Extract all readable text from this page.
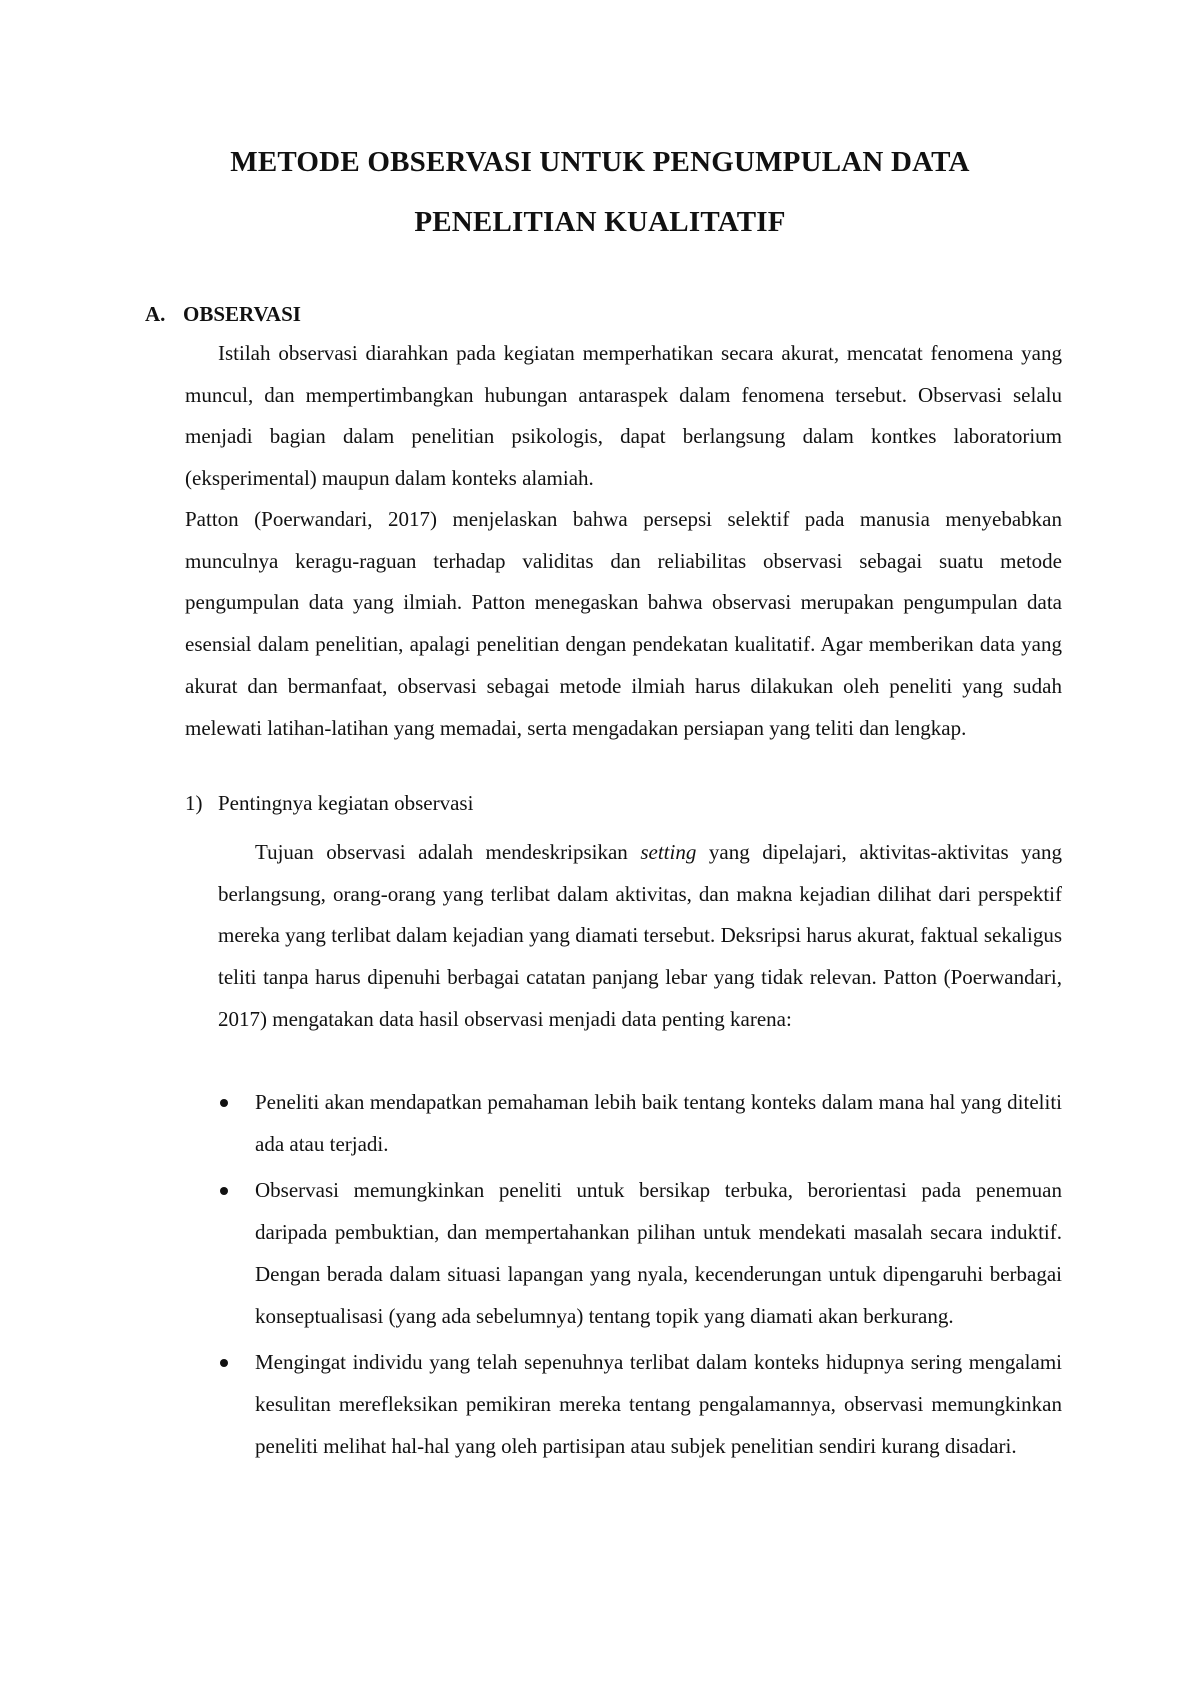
METODE OBSERVASI UNTUK PENGUMPULAN DATA
PENELITIAN KUALITATIF
A. OBSERVASI

Istilah observasi diarahkan pada kegiatan memperhatikan secara akurat, mencatat fenomena yang muncul, dan mempertimbangkan hubungan antaraspek dalam fenomena tersebut. Observasi selalu menjadi bagian dalam penelitian psikologis, dapat berlangsung dalam kontkes laboratorium (eksperimental) maupun dalam konteks alamiah.

Patton (Poerwandari, 2017) menjelaskan bahwa persepsi selektif pada manusia menyebabkan munculnya keragu-raguan terhadap validitas dan reliabilitas observasi sebagai suatu metode pengumpulan data yang ilmiah. Patton menegaskan bahwa observasi merupakan pengumpulan data esensial dalam penelitian, apalagi penelitian dengan pendekatan kualitatif. Agar memberikan data yang akurat dan bermanfaat, observasi sebagai metode ilmiah harus dilakukan oleh peneliti yang sudah melewati latihan-latihan yang memadai, serta mengadakan persiapan yang teliti dan lengkap.

1) Pentingnya kegiatan observasi

Tujuan observasi adalah mendeskripsikan setting yang dipelajari, aktivitas-aktivitas yang berlangsung, orang-orang yang terlibat dalam aktivitas, dan makna kejadian dilihat dari perspektif mereka yang terlibat dalam kejadian yang diamati tersebut. Deksripsi harus akurat, faktual sekaligus teliti tanpa harus dipenuhi berbagai catatan panjang lebar yang tidak relevan. Patton (Poerwandari, 2017) mengatakan data hasil observasi menjadi data penting karena:

Peneliti akan mendapatkan pemahaman lebih baik tentang konteks dalam mana hal yang diteliti ada atau terjadi.
Observasi memungkinkan peneliti untuk bersikap terbuka, berorientasi pada penemuan daripada pembuktian, dan mempertahankan pilihan untuk mendekati masalah secara induktif. Dengan berada dalam situasi lapangan yang nyala, kecenderungan untuk dipengaruhi berbagai konseptualisasi (yang ada sebelumnya) tentang topik yang diamati akan berkurang.
Mengingat individu yang telah sepenuhnya terlibat dalam konteks hidupnya sering mengalami kesulitan merefleksikan pemikiran mereka tentang pengalamannya, observasi memungkinkan peneliti melihat hal-hal yang oleh partisipan atau subjek penelitian sendiri kurang disadari.
